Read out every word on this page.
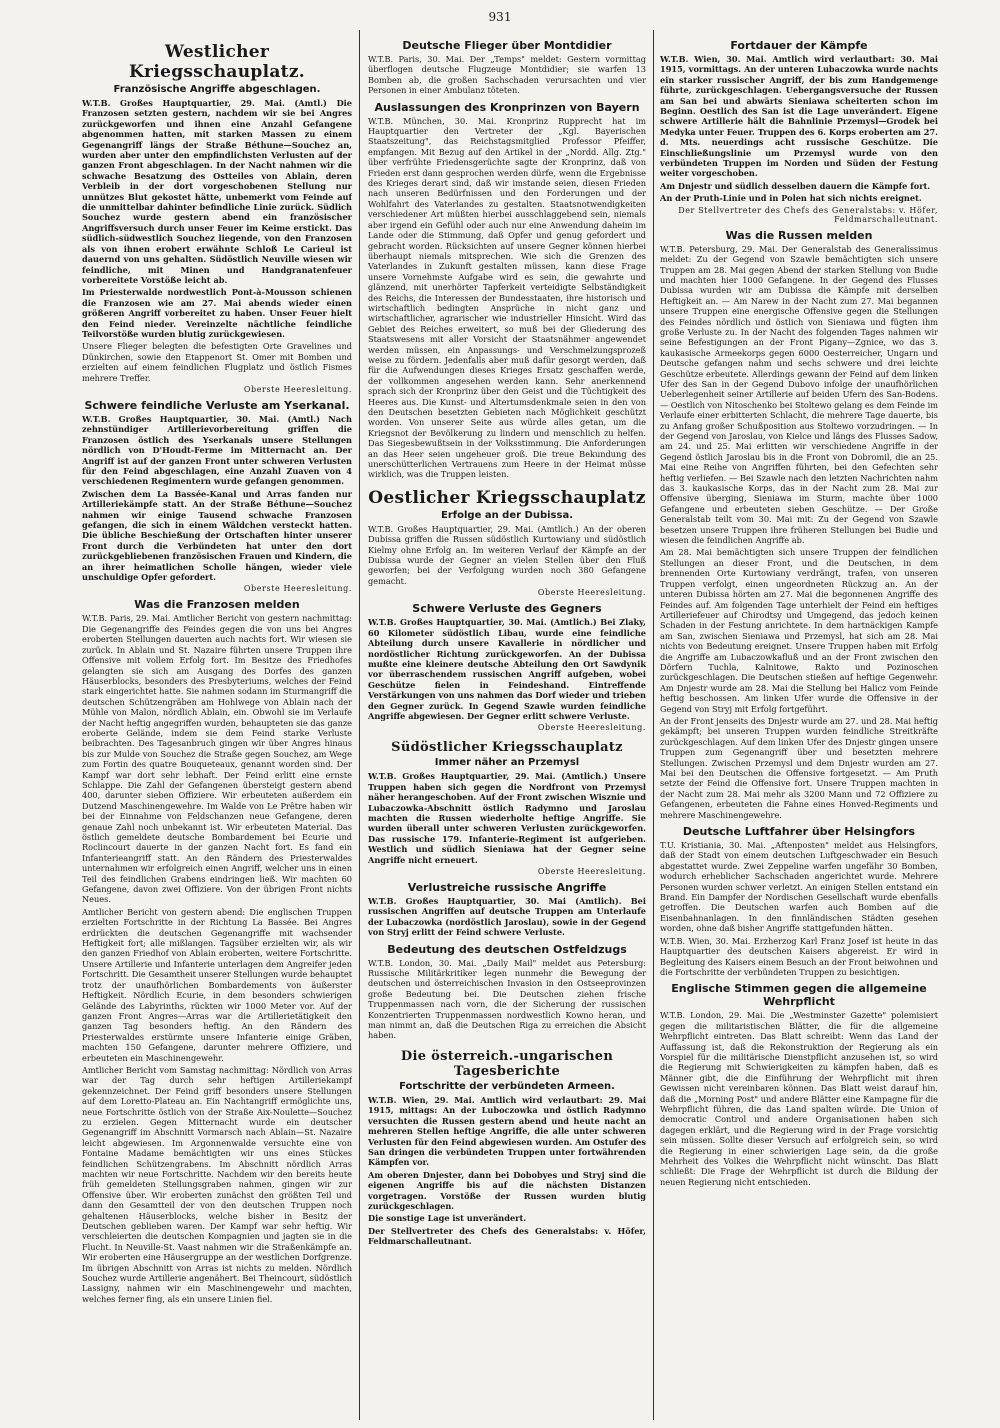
931
Westlicher Kriegsschauplatz.
Französische Angriffe abgeschlagen.
W.T.B. Großes Hauptquartier, 29. Mai. (Amtl.) Die Franzosen setzten gestern, nachdem wir sie bei Angres zurückgeworfen und ihnen eine Anzahl Gefangene abgenommen hatten, mit starken Massen zu einem Gegenangriff längs der Straße Béthune—Souchez an, wurden aber unter den empfindlichsten Verlusten auf der ganzen Front abgeschlagen. In der Nacht nahmen wir die schwache Besatzung des Ostteiles von Ablain, deren Verbleib in der dort vorgeschobenen Stellung nur unnützes Blut gekostet hätte, unbemerkt vom Feinde auf die unmittelbar dahinter befindliche Linie zurück. Südlich Souchez wurde gestern abend ein französischer Angriffsversuch durch unser Feuer im Keime erstickt. Das südlich-südwestlich Souchez liegende, von den Franzosen als von ihnen erobert erwähnte Schloß Le Carieul ist dauernd von uns gehalten. Südöstlich Neuville wiesen wir feindliche, mit Minen und Handgranatenfeuer vorbereitete Vorstöße leicht ab.
Im Priesterwalde nordwestlich Pont-à-Mousson schienen die Franzosen wie am 27. Mai abends wieder einen größeren Angriff vorbereitet zu haben. Unser Feuer hielt den Feind nieder. Vereinzelte nächtliche feindliche Teilvorstöße wurden blutig zurückgewiesen.
Unsere Flieger belegten die befestigten Orte Gravelines und Dünkirchen, sowie den Etappenort St. Omer mit Bomben und erzielten auf einem feindlichen Flugplatz und östlich Fismes mehrere Treffer.
Oberste Heeresleitung.
Schwere feindliche Verluste am Yserkanal.
W.T.B. Großes Hauptquartier, 30. Mai. (Amtl.) Nach zehnstündiger Artillerievorbereitung griffen die Franzosen östlich des Yserkanals unsere Stellungen nördlich von D'Houdt-Ferme im Mitternacht an. Der Angriff ist auf der ganzen Front unter schweren Verlusten für den Feind abgeschlagen, eine Anzahl Zuaven von 4 verschiedenen Regimentern wurde gefangen genommen.
Zwischen dem La Bassée-Kanal und Arras fanden nur Artilleriekämpfe statt. An der Straße Béthune—Souchez nahmen wir einige Tausend schwache Franzosen gefangen, die sich in einem Wäldchen versteckt hatten. Die übliche Beschießung der Ortschaften hinter unserer Front durch die Verbündeten hat unter den dort zurückgebliebenen französischen Frauen und Kindern, die an ihrer heimatlichen Scholle hängen, wieder viele unschuldige Opfer gefordert.
Oberste Heeresleitung.
Was die Franzosen melden
W.T.B. Paris, 29. Mai. Amtlicher Bericht von gestern nachmittag: Die Gegenangriffe des Feindes gegen die von uns bei Angres eroberten Stellungen dauerten auch nachts fort. Wir wiesen sie zurück. In Ablain und St. Nazaire führten unsere Truppen ihre Offensive mit vollem Erfolg fort. Im Besitze des Friedhofes gelangten sie sich am Ausgang des Dorfes des ganzen Häuserblocks, besonders des Presbyteriums, welches der Feind stark eingerichtet hatte. Sie nahmen sodann im Sturmangriff die deutschen Schützengräben am Hohlwege von Ablain nach der Mühle von Malon, nördlich Ablain, ein. Obwohl sie im Verlaufe der Nacht heftig angegriffen wurden, behaupteten sie das ganze eroberte Gelände, indem sie dem Feind starke Verluste beibrachten. Des Tagesanbruch gingen wir über Angres hinaus bis zur Mulde von Souchez die Straße gegen Souchez, am Wege zum Fortin des quatre Bouqueteaux, genannt worden sind. Der Kampf war dort sehr lebhaft. Der Feind erlitt eine ernste Schlappe. Die Zahl der Gefangenen übersteigt gestern abend 400, darunter sieben Offiziere. Wir erbeuteten außerdem ein Dutzend Maschinengewehre. Im Walde von Le Prêtre haben wir bei der Einnahme von Feldschanzen neue Gefangene, deren genaue Zahl noch unbekannt ist. Wir erbeuteten Material. Das östlich gemeldete deutsche Bombardement bei Ecurie und Roclincourt dauerte in der ganzen Nacht fort. Es fand ein Infanterieangriff statt. An den Rändern des Priesterwaldes unternahmen wir erfolgreich einen Angriff, welcher uns in einen Teil des feindlichen Grabens eindringen ließ. Wir machten 60 Gefangene, davon zwei Offiziere. Von der übrigen Front nichts Neues.
Amtlicher Bericht von gestern abend: Die englischen Truppen erzielten Fortschritte in der Richtung La Bassée. Bei Angres erdrückten die deutschen Gegenangriffe mit wachsender Heftigkeit fort; alle mißlangen. Tagsüber erzielten wir, als wir den ganzen Friedhof von Ablain eroberten, weitere Fortschritte. Unsere Artillerie und Infanterie unterlagen dem Angreifer jeden Fortschritt. Die Gesamtheit unserer Stellungen wurde behauptet trotz der unaufhörlichen Bombardements von äußerster Heftigkeit. Nördlich Ecurie, in dem besonders schwierigen Gelände des Labyrinths, rückten wir 1000 Meter vor. Auf der ganzen Front Angres—Arras war die Artillerietätigkeit den ganzen Tag besonders heftig. An den Rändern des Priesterwaldes erstürmte unsere Infanterie einige Gräben, machten 150 Gefangene, darunter mehrere Offiziere, und erbeuteten ein Maschinengewehr.
Amtlicher Bericht vom Samstag nachmittag: Nördlich von Arras war der Tag durch sehr heftigen Artilleriekampf gekennzeichnet. Der Feind griff besonders unsere Stellungen auf dem Loretto-Plateau an. Ein Nachtangriff ermöglichte uns, neue Fortschritte östlich von der Straße Aix-Noulette—Souchez zu erzielen. Gegen Mitternacht wurde ein deutscher Gegenangriff im Abschnitt Vormarsch nach Ablain—St. Nazaire leicht abgewiesen. Im Argonnenwalde versuchte eine von Fontaine Madame bemächtigten wir uns eines Stückes feindlichen Schützengrabens. Im Abschnitt nördlich Arras machten wir neue Fortschritte. Nachdem wir den bereits heute früh gemeldeten Stellungsgraben nahmen, gingen wir zur Offensive über. Wir eroberten zunächst den größten Teil und dann den Gesamtteil der von den deutschen Truppen noch gehaltenen Häuserblocks, welche bisher in Besitz der Deutschen geblieben waren. Der Kampf war sehr heftig. Wir verschleierten die deutschen Kompagnien und jagten sie in die Flucht. In Neuville-St. Vaast nahmen wir die Straßenkämpfe an. Wir eroberten eine Häusergruppe an der westlichen Dorfgrenze. Im übrigen Abschnitt von Arras ist nichts zu melden. Nördlich Souchez wurde Artillerie angenähert. Bei Theincourt, südöstlich Lassigny, nahmen wir ein Maschinengewehr und machten, welches ferner fing, als ein unsere Linien fiel.
Deutsche Flieger über Montdidier
W.T.B. Paris, 30. Mai. Der „Temps" meldet: Gestern vormittag überflogen deutsche Flugzeuge Montdidier; sie warfen 13 Bomben ab, die großen Sachschaden verursachten und vier Personen in einer Ambulanz töteten.
Auslassungen des Kronprinzen von Bayern
W.T.B. München, 30. Mai. Kronprinz Rupprecht hat im Hauptquartier den Vertreter der „Kgl. Bayerischen Staatszeitung", das Reichstagsmitglied Professor Pfeiffer, empfangen. Mit Bezug auf den Artikel in der „Nordd. Allg. Ztg." über verfrühte Friedensgerüchte sagte der Kronprinz, daß von Frieden erst dann gesprochen werden dürfe, wenn die Ergebnisse des Krieges derart sind, daß wir imstande seien, diesen Frieden nach unseren Bedürfnissen und den Forderungen und der Wohlfahrt des Vaterlandes zu gestalten. Staatsnotwendigkeiten verschiedener Art müßten hierbei ausschlaggebend sein, niemals aber irgend ein Gefühl oder auch nur eine Anwendung daheim im Lande oder die Stimmung, daß Opfer und genug gefordert und gebracht worden. Rücksichten auf unsere Gegner können hierbei überhaupt niemals mitsprechen. Wie sich die Grenzen des Vaterlandes in Zukunft gestalten müssen, kann diese Frage unsere Vornehmste Aufgabe wird es sein, die gewahrte und glänzend, mit unerhörter Tapferkeit verteidigte Selbständigkeit des Reichs, die Interessen der Bundesstaaten, ihre historisch und wirtschaftlich bedingten Ansprüche in nicht ganz und wirtschaftlicher, agrarischer wie industrieller Hinsicht. Wird das Gebiet des Reiches erweitert, so muß bei der Gliederung des Staatswesens mit aller Vorsicht der Staatsnähmer angewendet werden müssen, ein Anpassungs- und Verschmelzungsprozeß weise zu fördern. Jedenfalls aber muß dafür gesorgt werden, daß für die Aufwendungen dieses Krieges Ersatz geschaffen werde, der vollkommen angesehen werden kann. Sehr anerkennend sprach sich der Kronprinz über den Geist und die Tüchtigkeit des Heeres aus. Die Kunst- und Altertumsdenkmale seien in den von den Deutschen besetzten Gebieten nach Möglichkeit geschützt worden. Von unserer Seite aus würde alles getan, um die Kriegsnot der Bevölkerung zu lindern und menschlich zu helfen. Das Siegesbewußtsein in der Volksstimmung. Die Anforderungen an das Heer seien ungeheuer groß. Die treue Bekundung des unerschütterlichen Vertrauens zum Heere in der Heimat müsse wirklich, was die Truppen leisten.
Oestlicher Kriegsschauplatz
Erfolge an der Dubissa.
W.T.B. Großes Hauptquartier, 29. Mai. (Amtlich.) An der oberen Dubissa griffen die Russen südöstlich Kurtowiany und südöstlich Kielmy ohne Erfolg an. Im weiteren Verlauf der Kämpfe an der Dubissa wurde der Gegner an vielen Stellen über den Fluß geworfen; bei der Verfolgung wurden noch 380 Gefangene gemacht.
Oberste Heeresleitung.
Schwere Verluste des Gegners
W.T.B. Großes Hauptquartier, 30. Mai. (Amtlich.) Bei Zlaky, 60 Kilometer südöstlich Libau, wurde eine feindliche Abteilung durch unsere Kavallerie in nördlicher und nordöstlicher Richtung zurückgeworfen. An der Dubissa mußte eine kleinere deutsche Abteilung den Ort Sawdynik vor überraschendem russischen Angriff aufgeben, wobei Geschütze fielen in Feindeshand. Eintreffende Verstärkungen von uns nahmen das Dorf wieder und trieben den Gegner zurück. In Gegend Szawle wurden feindliche Angriffe abgewiesen. Der Gegner erlitt schwere Verluste.
Oberste Heeresleitung.
Südöstlicher Kriegsschauplatz
Immer näher an Przemysl
W.T.B. Großes Hauptquartier, 29. Mai. (Amtlich.) Unsere Truppen haben sich gegen die Nordfront von Przemysl näher herangeschoben. Auf der Front zwischen Wisznie und Lubaczowka-Abschnitt östlich Radymno und Jaroslau machten die Russen wiederholte heftige Angriffe. Sie wurden überall unter schweren Verlusten zurückgeworfen. Das russische 179. Infanterie-Regiment ist aufgerieben. Westlich und südlich Sieniawa hat der Gegner seine Angriffe nicht erneuert.
Oberste Heeresleitung.
Verlustreiche russische Angriffe
W.T.B. Großes Hauptquartier, 30. Mai (Amtlich). Bei russischen Angriffen auf deutsche Truppen am Unterlaufe der Lubaczowka (nordöstlich Jaroslau), sowie in der Gegend von Stryj erlitt der Feind schwere Verluste.
Bedeutung des deutschen Ostfeldzugs
W.T.B. London, 30. Mai. „Daily Mail" meldet aus Petersburg: Russische Militärkritiker legen nunmehr die Bewegung der deutschen und österreichischen Invasion in den Ostseeprovinzen große Bedeutung bei. Die Deutschen ziehen frische Truppenmassen nach vorn, die der Sicherung der russischen Konzentrierten Truppenmassen nordwestlich Kowno heran, und man nimmt an, daß die Deutschen Riga zu erreichen die Absicht haben.
Die österreich.-ungarischen Tagesberichte
Fortschritte der verbündeten Armeen.
W.T.B. Wien, 29. Mai. Amtlich wird verlautbart: 29. Mai 1915, mittags: An der Luboczowka und östlich Radymno versuchten die Russen gestern abend und heute nacht an mehreren Stellen heftige Angriffe, die alle unter schweren Verlusten für den Feind abgewiesen wurden. Am Ostufer des San dringen die verbündeten Truppen unter fortwährenden Kämpfen vor.
Am oberen Dnjester, dann bei Dobobyes und Stryj sind die eigenen Angriffe bis auf die nächsten Distanzen vorgetragen. Vorstöße der Russen wurden blutig zurückgeschlagen.
Die sonstige Lage ist unverändert.
Der Stellvertreter des Chefs des Generalstabs: v. Höfer, Feldmarschalleutnant.
Fortdauer der Kämpfe
W.T.B. Wien, 30. Mai. Amtlich wird verlautbart: 30. Mai 1915, vormittags. An der unteren Lubaczowka wurde nachts ein starker russischer Angriff, der bis zum Handgemenge führte, zurückgeschlagen. Uebergangsversuche der Russen am San bei und abwärts Sieniawa scheiterten schon im Beginn. Oestlich des San ist die Lage unverändert. Eigene schwere Artillerie hält die Bahnlinie Przemysl—Grodek bei Medyka unter Feuer. Truppen des 6. Korps eroberten am 27. d. Mts. neuerdings acht russische Geschütze. Die Einschließungslinie um Przemysl wurde von den verbündeten Truppen im Norden und Süden der Festung weiter vorgeschoben.
Am Dnjestr und südlich desselben dauern die Kämpfe fort.
An der Pruth-Linie und in Polen hat sich nichts ereignet.
Der Stellvertreter des Chefs des Generalstabs: v. Höfer, Feldmarschalleutnant.
Was die Russen melden
W.T.B. Petersburg, 29. Mai. Der Generalstab des Generalissimus meldet: Zu der Gegend von Szawle bemächtigten sich unsere Truppen am 28. Mai gegen Abend der starken Stellung von Budie und machten hier 1000 Gefangene. In der Gegend des Flusses Dubissa wurden wir am Dubissa die Kämpfe mit derselben Heftigkeit an. — Am Narew in der Nacht zum 27. Mai begannen unsere Truppen eine energische Offensive gegen die Stellungen des Feindes nördlich und östlich von Sieniawa und fügten ihm große Verluste zu. In der Nacht des folgenden Tages nahmen wir seine Befestigungen an der Front Pigany—Zgnice, wo das 3. kaukasische Armeekorps gegen 6000 Oesterreicher, Ungarn und Deutsche gefangen nahm und sechs schwere und drei leichte Geschütze erbeutete. Allerdings gewann der Feind auf dem linken Ufer des San in der Gegend Dubovo infolge der unaufhörlichen Ueberlegenheit seiner Artillerie auf beiden Ufern des San-Bodens. — Oestlich von Nitoschenko bei Stoltewo gelang es dem Feinde im Verlaufe einer erbitterten Schlacht, die mehrere Tage dauerte, bis zu Anfang großer Schußposition aus Stoltewo vorzudringen. — In der Gegend von Jaroslau, von Kielce und längs des Flusses Sadow, am 24. und 25. Mai erlitten wir verschiedene Angriffe in der Gegend östlich Jaroslau bis in die Front von Dobromil, die an 25. Mai eine Reihe von Angriffen führten, bei den Gefechten sehr heftig verliefen. — Bei Szawle nach den letzten Nachrichten nahm das 3. kaukasische Korps, das in der Nacht zum 28. Mai zur Offensive überging, Sieniawa im Sturm, machte über 1000 Gefangene und erbeuteten sieben Geschütze. — Der Große Generalstab teilt vom 30. Mai mit: Zu der Gegend von Szawle besetzen unsere Truppen ihre früheren Stellungen bei Budie und wiesen die feindlichen Angriffe ab.
Am 28. Mai bemächtigten sich unsere Truppen der feindlichen Stellungen an dieser Front, und die Deutschen, in dem brennenden Orte Kurtowiany verdrängt, trafen, von unseren Truppen verfolgt, einen ungeordneten Rückzug an. An der unteren Dubissa hörten am 27. Mai die begonnenen Angriffe des Feindes auf. Am folgenden Tage unterhielt der Feind ein heftiges Artilleriefeuer auf Chirodtsy und Umgegend, das jedoch keinen Schaden in der Festung anrichtete. In dem hartnäckigen Kampfe am San, zwischen Sieniawa und Przemysl, hat sich am 28. Mai nichts von Bedeutung ereignet. Unsere Truppen haben mit Erfolg die Angriffe am Lubaczowkafluß und an der Front zwischen den Dörfern Tuchla, Kalnitowe, Rakto und Pozinoschen zurückgeschlagen. Die Deutschen stießen auf heftige Gegenwehr. Am Dnjestr wurde am 28. Mai die Stellung bei Halicz vom Feinde heftig beschossen. Am linken Ufer wurde die Offensive in der Gegend von Stryj mit Erfolg fortgeführt.
An der Front jenseits des Dnjestr wurde am 27. und 28. Mai heftig gekämpft; bei unseren Truppen wurden feindliche Streitkräfte zurückgeschlagen. Auf dem linken Ufer des Dnjestr gingen unsere Truppen zum Gegenangriff über und besetzten mehrere Stellungen. Zwischen Przemysl und dem Dnjestr wurden am 27. Mai bei den Deutschen die Offensive fortgesetzt. — Am Pruth setzte der Feind die Offensive fort. Unsere Truppen machten in der Nacht zum 28. Mai mehr als 3200 Mann und 72 Offiziere zu Gefangenen, erbeuteten die Fahne eines Honved-Regiments und mehrere Maschinengewehre.
Deutsche Luftfahrer über Helsingfors
T.U. Kristiania, 30. Mai. „Aftenposten" meldet aus Helsingfors, daß der Stadt von einem deutschen Luftgeschwader ein Besuch abgestattet wurde. Zwei Zeppeline warfen ungefähr 30 Bomben, wodurch erheblicher Sachschaden angerichtet wurde. Mehrere Personen wurden schwer verletzt. An einigen Stellen entstand ein Brand. Ein Dampfer der Nordischen Gesellschaft wurde ebenfalls getroffen. Die Deutschen warfen auch Bomben auf die Eisenbahnanlagen. In den finnländischen Städten gesehen worden, ohne daß bisher Angriffe stattgefunden hätten.
W.T.B. Wien, 30. Mai. Erzherzog Karl Franz Josef ist heute in das Hauptquartier des deutschen Kaisers abgereist. Er wird in Begleitung des Kaisers einem Besuch an der Front beiwohnen und die Fortschritte der verbündeten Truppen zu besichtigen.
Englische Stimmen gegen die allgemeine Wehrpflicht
W.T.B. London, 29. Mai. Die „Westminster Gazette" polemisiert gegen die militaristischen Blätter, die für die allgemeine Wehrpflicht eintreten. Das Blatt schreibt: Wenn das Land der Auffassung ist, daß die Rekonstruktion der Regierung als ein Vorspiel für die militärische Dienstpflicht anzusehen ist, so wird die Regierung mit Schwierigkeiten zu kämpfen haben, daß es Männer gibt, die die Einführung der Wehrpflicht mit ihren Gewissen nicht vereinbaren können. Das Blatt weist darauf hin, daß die „Morning Post" und andere Blätter eine Kampagne für die Wehrpflicht führen, die das Land spalten würde. Die Union of democratic Control und andere Organisationen haben sich dagegen erklärt, und die Regierung wird in der Frage vorsichtig sein müssen. Sollte dieser Versuch auf erfolgreich sein, so wird die Regierung in einer schwierigen Lage sein, da die große Mehrheit des Volkes die Wehrpflicht nicht wünscht. Das Blatt schließt: Die Frage der Wehrpflicht ist durch die Bildung der neuen Regierung nicht entschieden.
